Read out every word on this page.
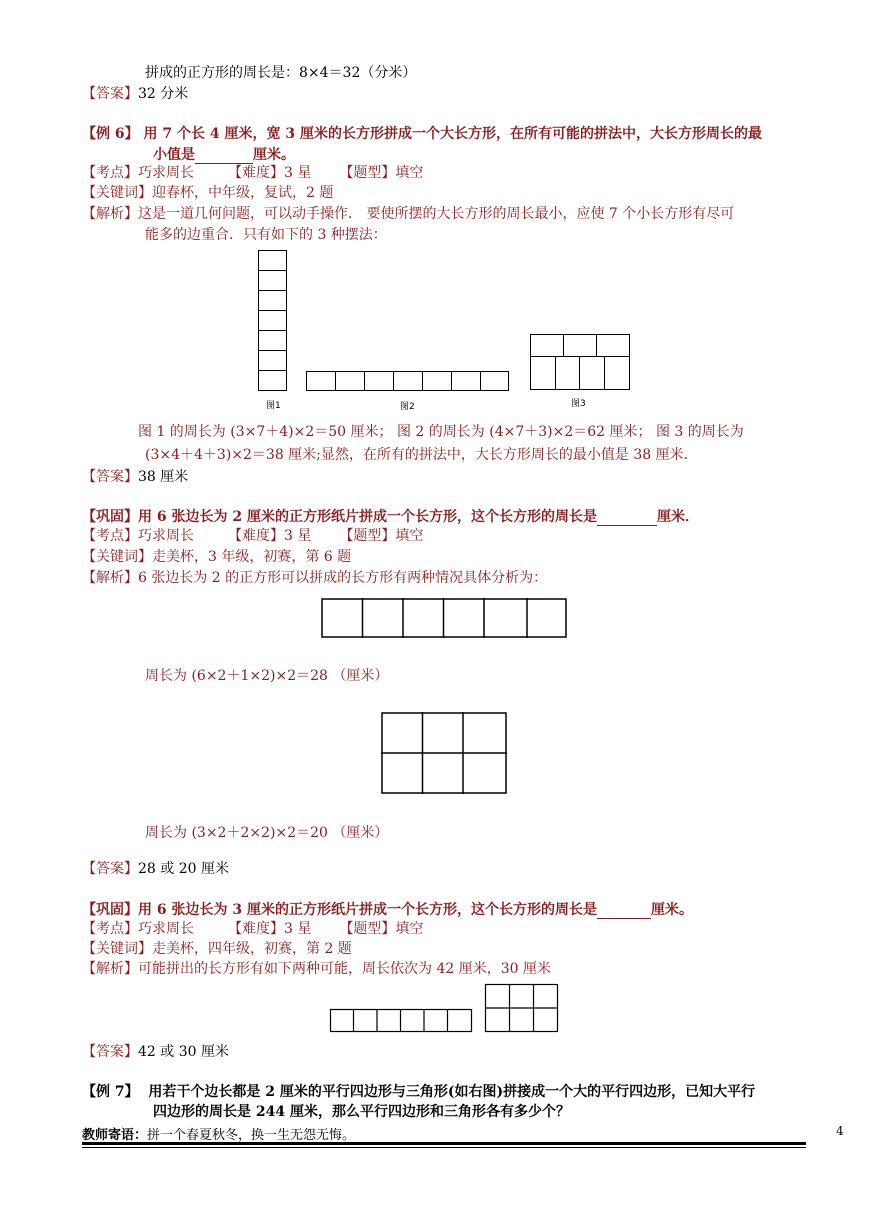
拼成的正方形的周长是：8×4＝32（分米）
【答案】32 分米
【例 6】 用 7 个长 4 厘米，宽 3 厘米的长方形拼成一个大长方形，在所有可能的拼法中，大长方形周长的最
小值是	厘米。
【考点】巧求周长 【难度】3 星 【题型】填空
【关键词】迎春杯，中年级，复试，2 题
【解析】这是一道几何问题，可以动手操作． 要使所摆的大长方形的周长最小，应使 7 个小长方形有尽可
能多的边重合．只有如下的 3 种摆法：
图1	图2	图3
图 1 的周长为 (3×7＋4)×2＝50 厘米； 图 2 的周长为 (4×7＋3)×2＝62 厘米； 图 3 的周长为
(3×4＋4＋3)×2＝38 厘米;显然，在所有的拼法中，大长方形周长的最小值是 38 厘米．
【答案】38 厘米
【巩固】用 6 张边长为 2 厘米的正方形纸片拼成一个长方形，这个长方形的周长是	厘米．
【考点】巧求周长 【难度】3 星 【题型】填空
【关键词】走美杯，3 年级，初赛，第 6 题
【解析】6 张边长为 2 的正方形可以拼成的长方形有两种情况具体分析为：
周长为 (6×2＋1×2)×2＝28 （厘米）
周长为 (3×2＋2×2)×2＝20 （厘米）
【答案】28 或 20 厘米
【巩固】用 6 张边长为 3 厘米的正方形纸片拼成一个长方形，这个长方形的周长是	厘米。
【考点】巧求周长 【难度】3 星 【题型】填空
【关键词】走美杯，四年级，初赛，第 2 题
【解析】可能拼出的长方形有如下两种可能，周长依次为 42 厘米，30 厘米
【答案】42 或 30 厘米
【例 7】 用若干个边长都是 2 厘米的平行四边形与三角形(如右图)拼接成一个大的平行四边形，已知大平行
四边形的周长是 244 厘米，那么平行四边形和三角形各有多少个？
教师寄语：拼一个春夏秋冬，换一生无怨无悔。	4
